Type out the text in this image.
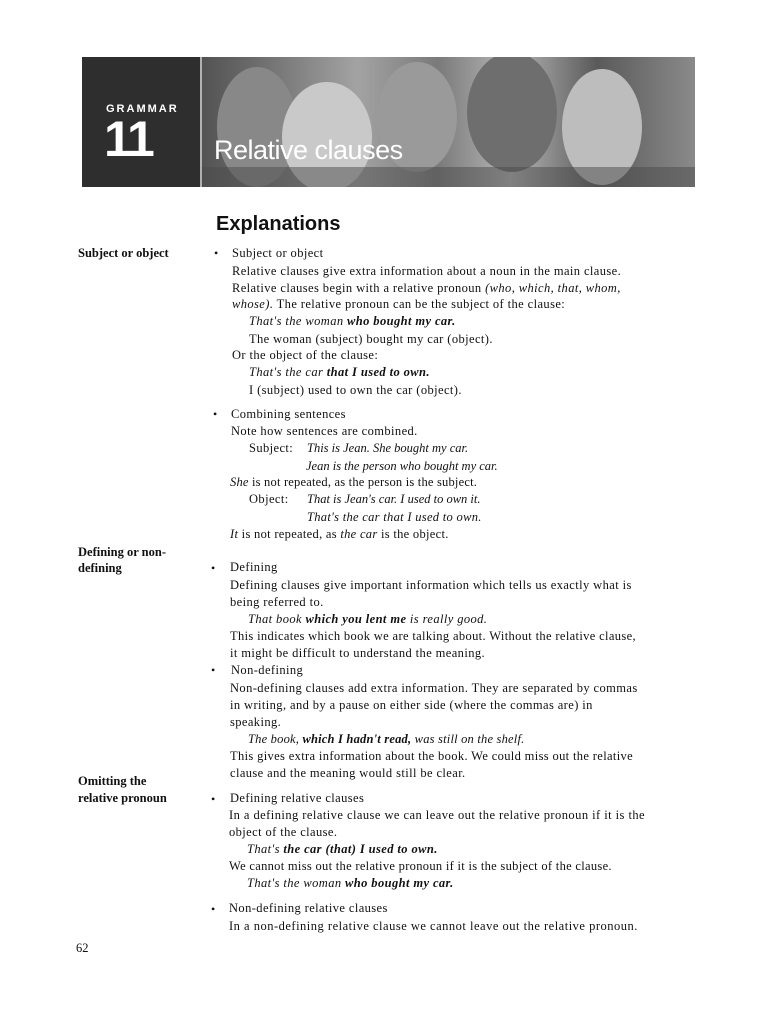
GRAMMAR
11 Relative clauses
Explanations
Subject or object
Defining or non-
defining
Omitting the
relative pronoun
• Subject or object
Relative clauses give extra information about a noun in the main clause.
Relative clauses begin with a relative pronoun (who, which, that, whom,
whose). The relative pronoun can be the subject of the clause:
That's the woman who bought my car.
The woman (subject) bought my car (object).
Or the object of the clause:
That's the car that I used to own.
I (subject) used to own the car (object).
• Combining sentences
Note how sentences are combined.
Subject: This is Jean. She bought my car.
Jean is the person who bought my car.
She is not repeated, as the person is the subject.
Object: That is Jean's car. I used to own it.
That's the car that I used to own.
It is not repeated, as the car is the object.
• Defining
Defining clauses give important information which tells us exactly what is
being referred to.
That book which you lent me is really good.
This indicates which book we are talking about. Without the relative clause,
it might be difficult to understand the meaning.
• Non-defining
Non-defining clauses add extra information. They are separated by commas
in writing, and by a pause on either side (where the commas are) in
speaking.
The book, which I hadn't read, was still on the shelf.
This gives extra information about the book. We could miss out the relative
clause and the meaning would still be clear.
• Defining relative clauses
In a defining relative clause we can leave out the relative pronoun if it is the
object of the clause.
That's the car (that) I used to own.
We cannot miss out the relative pronoun if it is the subject of the clause.
That's the woman who bought my car.
• Non-defining relative clauses
In a non-defining relative clause we cannot leave out the relative pronoun.
62
